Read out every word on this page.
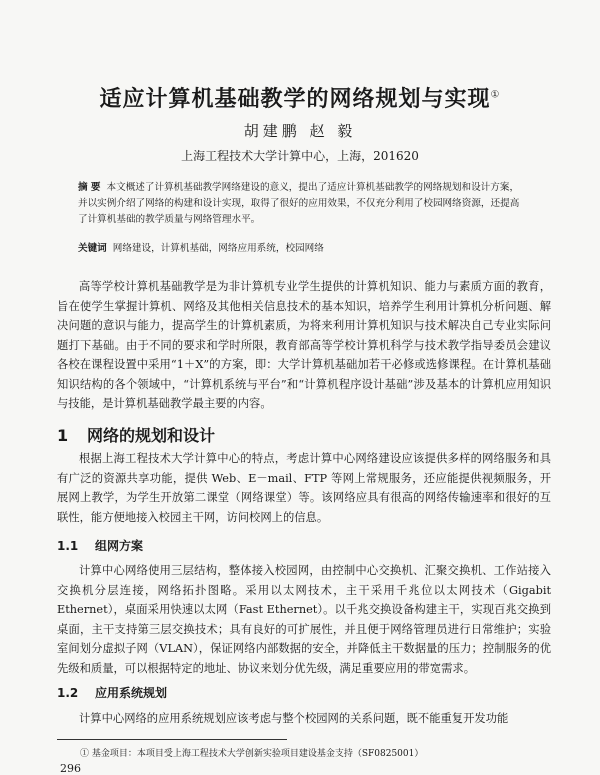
适应计算机基础教学的网络规划与实现①
胡建鹏 赵 毅
上海工程技术大学计算中心，上海，201620
摘 要 本文概述了计算机基础教学网络建设的意义，提出了适应计算机基础教学的网络规划和设计方案，并以实例介绍了网络的构建和设计实现，取得了很好的应用效果，不仅充分利用了校园网络资源，还提高了计算机基础的教学质量与网络管理水平。
关键词 网络建设，计算机基础，网络应用系统，校园网络
高等学校计算机基础教学是为非计算机专业学生提供的计算机知识、能力与素质方面的教育，旨在使学生掌握计算机、网络及其他相关信息技术的基本知识，培养学生利用计算机分析问题、解决问题的意识与能力，提高学生的计算机素质，为将来利用计算机知识与技术解决自己专业实际问题打下基础。由于不同的要求和学时所限，教育部高等学校计算机科学与技术教学指导委员会建议各校在课程设置中采用“1＋X”的方案，即：大学计算机基础加若干必修或选修课程。在计算机基础知识结构的各个领域中，“计算机系统与平台”和“计算机程序设计基础”涉及基本的计算机应用知识与技能，是计算机基础教学最主要的内容。
1 网络的规划和设计
根据上海工程技术大学计算中心的特点，考虑计算中心网络建设应该提供多样的网络服务和具有广泛的资源共享功能，提供 Web、E－mail、FTP 等网上常规服务，还应能提供视频服务，开展网上教学，为学生开放第二课堂（网络课堂）等。该网络应具有很高的网络传输速率和很好的互联性，能方便地接入校园主干网，访问校网上的信息。
1.1 组网方案
计算中心网络使用三层结构，整体接入校园网，由控制中心交换机、汇聚交换机、工作站接入交换机分层连接，网络拓扑图略。采用以太网技术，主干采用千兆位以太网技术（Gigabit Ethernet），桌面采用快速以太网（Fast Ethernet）。以千兆交换设备构建主干，实现百兆交换到桌面，主干支持第三层交换技术；具有良好的可扩展性，并且便于网络管理员进行日常维护；实验室间划分虚拟子网（VLAN），保证网络内部数据的安全，并降低主干数据量的压力；控制服务的优先级和质量，可以根据特定的地址、协议来划分优先级，满足重要应用的带宽需求。
1.2 应用系统规划
计算中心网络的应用系统规划应该考虑与整个校园网的关系问题，既不能重复开发功能
① 基金项目：本项目受上海工程技术大学创新实验项目建设基金支持（SF0825001）
296
